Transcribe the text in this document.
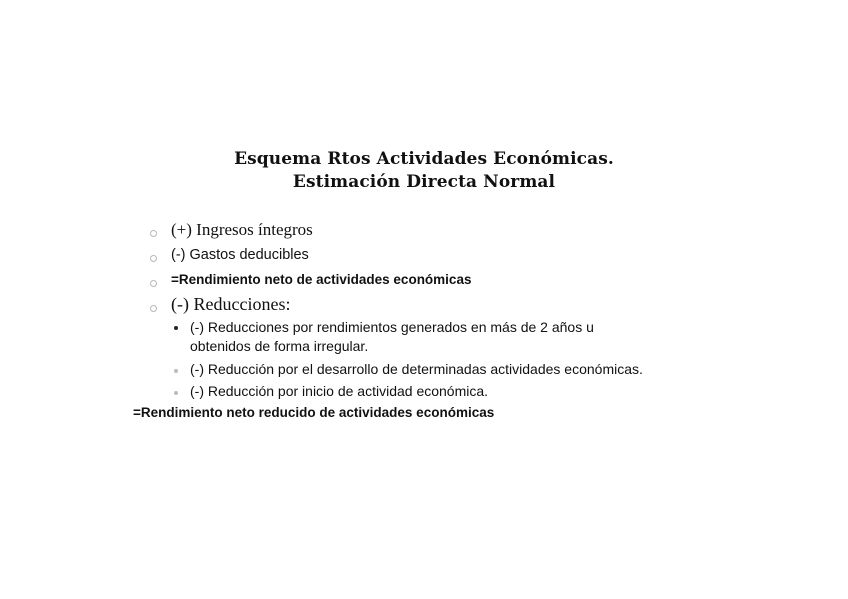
Esquema Rtos Actividades Económicas.
Estimación Directa Normal
(+) Ingresos íntegros
(-) Gastos deducibles
=Rendimiento neto de actividades económicas
(-) Reducciones:
(-) Reducciones por rendimientos generados en más de 2 años u
obtenidos de forma irregular.
(-) Reducción por el desarrollo de determinadas actividades económicas.
(-) Reducción por inicio de actividad económica.
=Rendimiento neto reducido de actividades económicas
